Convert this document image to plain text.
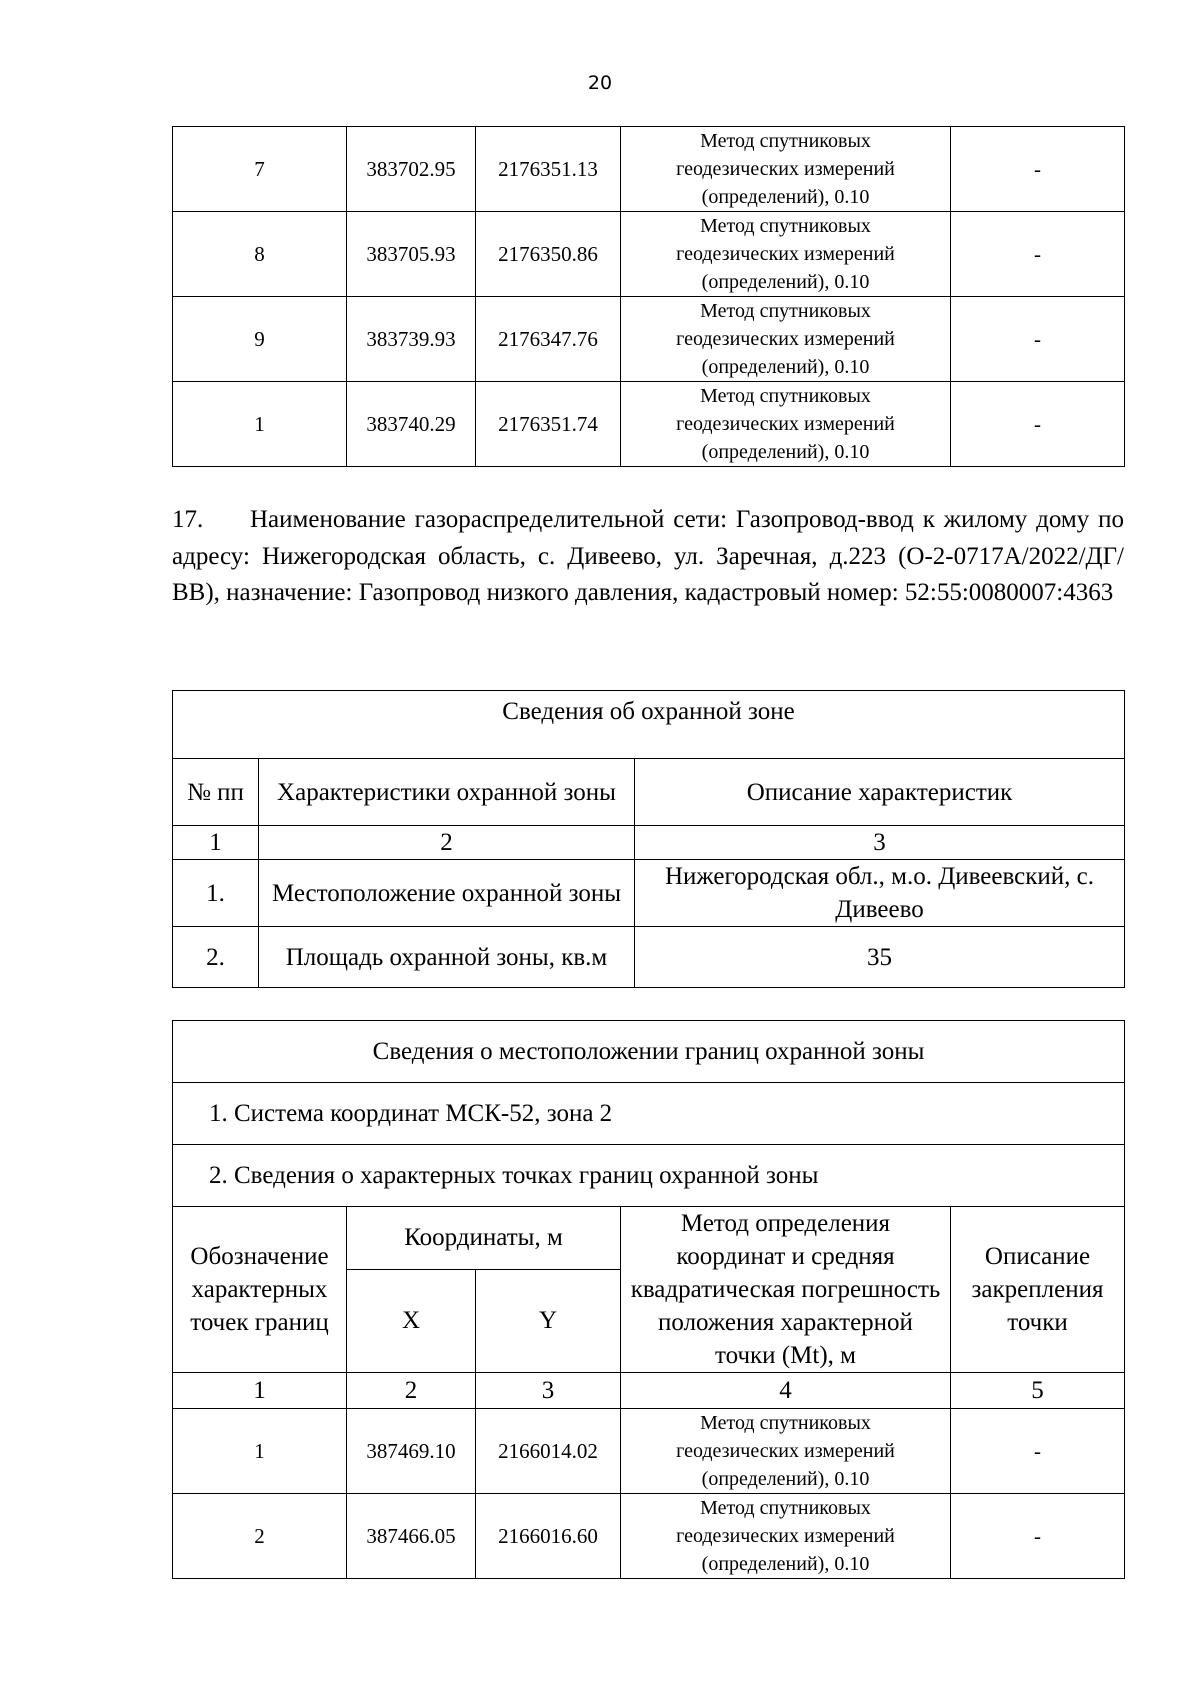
20
7	383702.95	2176351.13	Метод спутниковых
геодезических измерений
(определений), 0.10	-
8	383705.93	2176350.86	Метод спутниковых
геодезических измерений
(определений), 0.10	-
9	383739.93	2176347.76	Метод спутниковых
геодезических измерений
(определений), 0.10	-
1	383740.29	2176351.74	Метод спутниковых
геодезических измерений
(определений), 0.10	-

17. Наименование газораспределительной сети: Газопровод-ввод к жилому дому по адресу: Нижегородская область, с. Дивеево, ул. Заречная, д.223 (О-2-0717А/2022/ДГ/ВВ), назначение: Газопровод низкого давления, кадастровый номер: 52:55:0080007:4363

Сведения об охранной зоне		
№ пп	Характеристики охранной зоны	Описание характеристик
1	2	3
1.	Местоположение охранной зоны	Нижегородская обл., м.о. Дивеевский, с. Дивеево
2.	Площадь охранной зоны, кв.м	35
Сведения о местоположении границ охранной зоны				
1. Система координат МСК-52, зона 2				
2. Сведения о характерных точках границ охранной зоны				
Обозначение характерных точек границ	Координаты, м		Метод определения координат и средняя квадратическая погрешность положения характерной точки (Mt), м	Описание закрепления точки
	X	Y		
1	2	3	4	5
1	387469.10	2166014.02	Метод спутниковых
геодезических измерений
(определений), 0.10	-
2	387466.05	2166016.60	Метод спутниковых
геодезических измерений
(определений), 0.10	-
